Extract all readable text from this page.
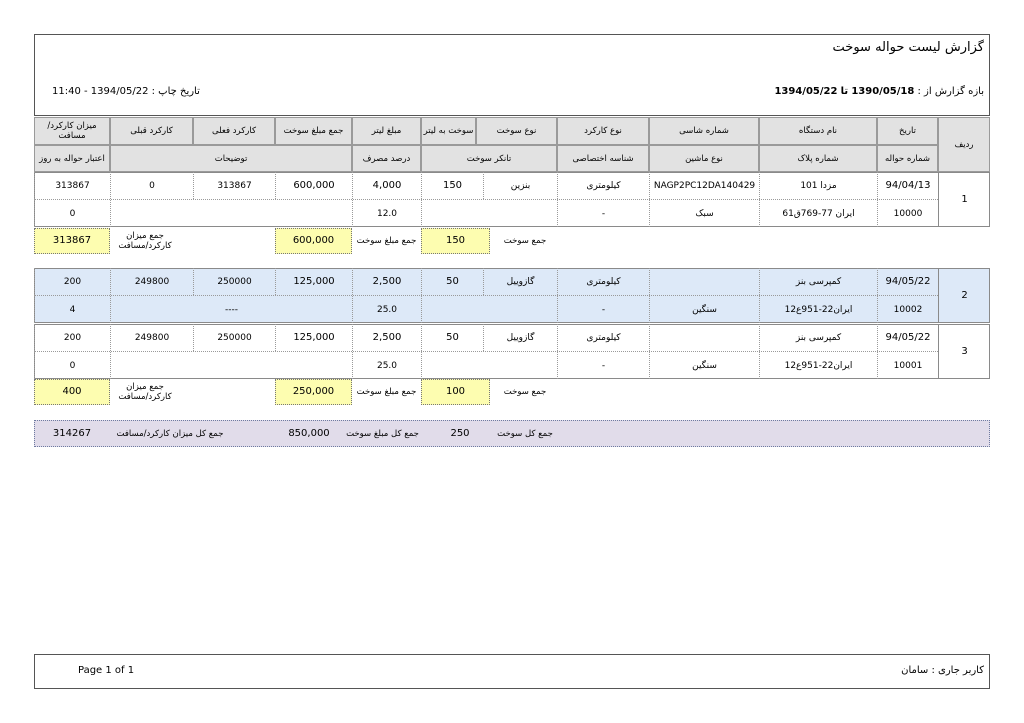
گزارش لیست حواله سوخت
بازه گزارش از : 1390/05/18 تا 1394/05/22
تاریخ چاپ : 1394/05/22 - 11:40
ردیف
تاریخ
نام دستگاه
شماره شاسی
نوع کارکرد
نوع سوخت
سوخت به لیتر
مبلغ لیتر
جمع مبلغ سوخت
کارکرد فعلی
کارکرد قبلی
میزان کارکرد/مسافت
شماره حواله
شماره پلاک
نوع ماشین
شناسه اختصاصی
تانکر سوخت
درصد مصرف
توضیحات
اعتبار حواله به روز
1
94/04/13
مزدا 101
NAGP2PC12DA140429
کیلومتری
بنزین
150
4,000
600,000
313867
0
313867
10000
ایران 77-769ق61
سبک
-
12.0
0
جمع سوخت
150
جمع مبلغ سوخت
600,000
جمع میزان کارکرد/مسافت
313867
2
94/05/22
کمپرسی بنز
کیلومتری
گازوییل
50
2,500
125,000
250000
249800
200
10002
ایران22-951ع12
سنگین
-
25.0
----
4
3
94/05/22
کمپرسی بنز
کیلومتری
گازوییل
50
2,500
125,000
250000
249800
200
10001
ایران22-951ع12
سنگین
-
25.0
0
جمع سوخت
100
جمع مبلغ سوخت
250,000
جمع میزان کارکرد/مسافت
400
جمع کل سوخت
250
جمع کل مبلغ سوخت
850,000
جمع کل میزان کارکرد/مسافت
314267
کاربر جاری : سامان
Page 1 of 1
